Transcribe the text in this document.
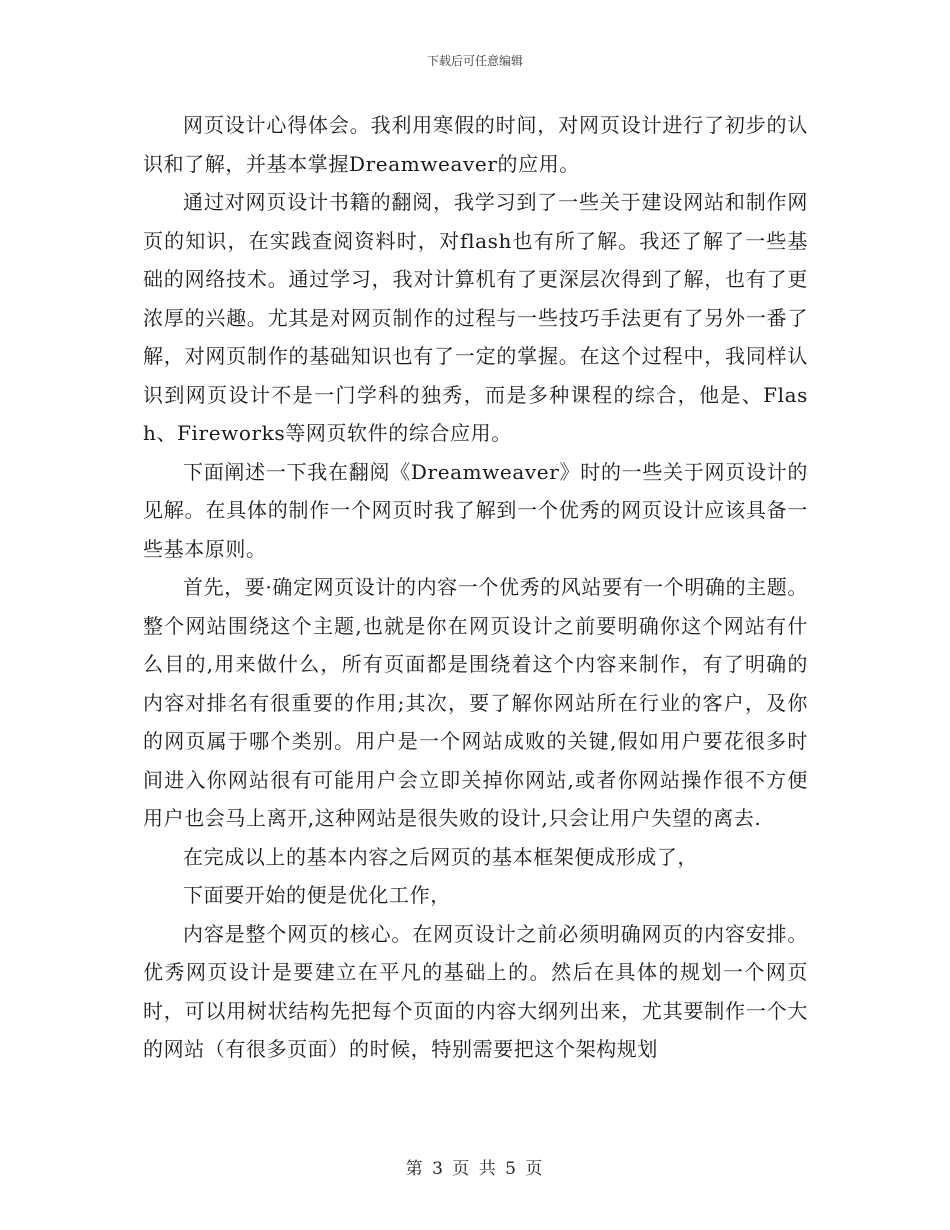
下载后可任意编辑

网页设计心得体会。我利用寒假的时间，对网页设计进行了初步的认识和了解，并基本掌握Dreamweaver的应用。

通过对网页设计书籍的翻阅，我学习到了一些关于建设网站和制作网页的知识，在实践查阅资料时，对flash也有所了解。我还了解了一些基础的网络技术。通过学习，我对计算机有了更深层次得到了解，也有了更浓厚的兴趣。尤其是对网页制作的过程与一些技巧手法更有了另外一番了解，对网页制作的基础知识也有了一定的掌握。在这个过程中，我同样认识到网页设计不是一门学科的独秀，而是多种课程的综合，他是、Flash、Fireworks等网页软件的综合应用。

下面阐述一下我在翻阅《Dreamweaver》时的一些关于网页设计的见解。在具体的制作一个网页时我了解到一个优秀的网页设计应该具备一些基本原则。

首先，要·确定网页设计的内容一个优秀的风站要有一个明确的主题。整个网站围绕这个主题,也就是你在网页设计之前要明确你这个网站有什么目的,用来做什么，所有页面都是围绕着这个内容来制作，有了明确的内容对排名有很重要的作用;其次，要了解你网站所在行业的客户，及你的网页属于哪个类别。用户是一个网站成败的关键,假如用户要花很多时间进入你网站很有可能用户会立即关掉你网站,或者你网站操作很不方便用户也会马上离开,这种网站是很失败的设计,只会让用户失望的离去.

在完成以上的基本内容之后网页的基本框架便成形成了，

下面要开始的便是优化工作，

内容是整个网页的核心。在网页设计之前必须明确网页的内容安排。优秀网页设计是要建立在平凡的基础上的。然后在具体的规划一个网页时，可以用树状结构先把每个页面的内容大纲列出来，尤其要制作一个大的网站（有很多页面）的时候，特别需要把这个架构规划

第 3 页 共 5 页
